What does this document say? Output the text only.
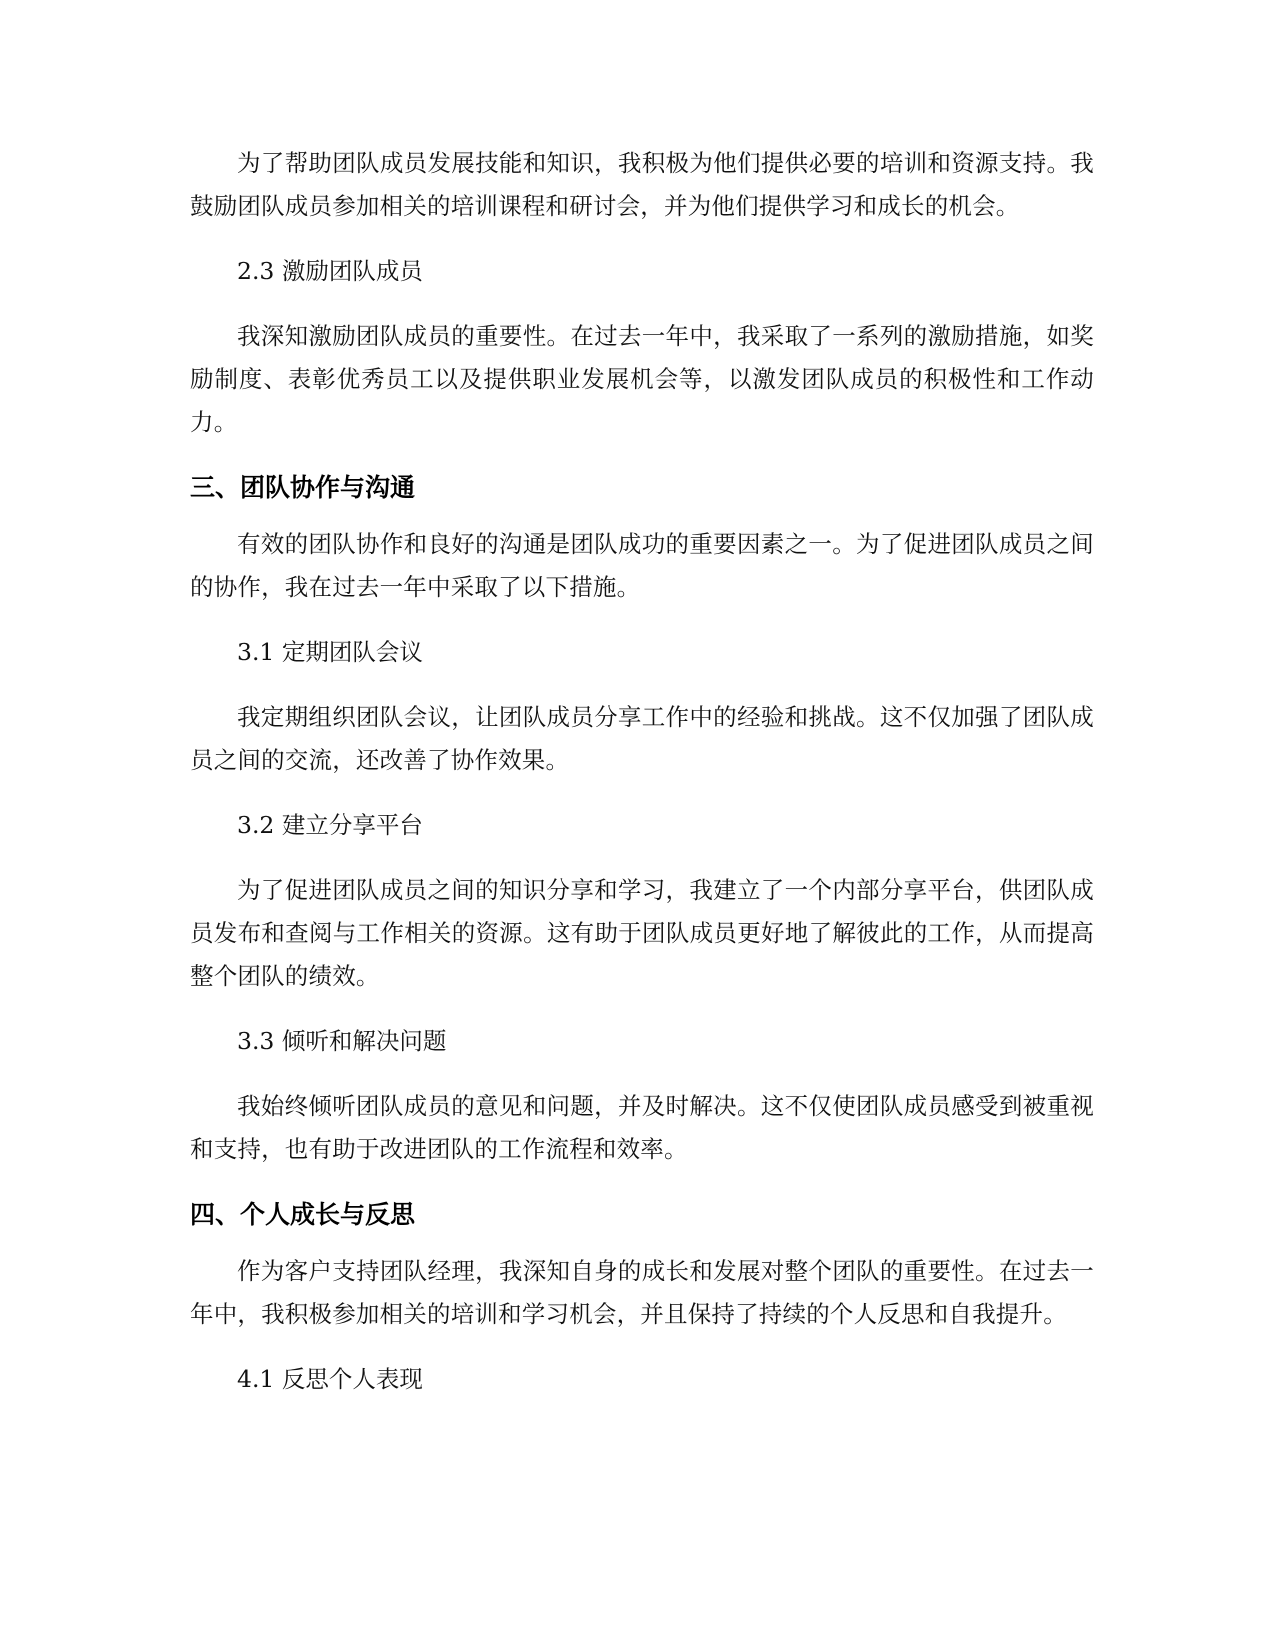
为了帮助团队成员发展技能和知识，我积极为他们提供必要的培训和资源支持。我鼓励团队成员参加相关的培训课程和研讨会，并为他们提供学习和成长的机会。

2.3 激励团队成员

我深知激励团队成员的重要性。在过去一年中，我采取了一系列的激励措施，如奖励制度、表彰优秀员工以及提供职业发展机会等，以激发团队成员的积极性和工作动力。

三、团队协作与沟通

有效的团队协作和良好的沟通是团队成功的重要因素之一。为了促进团队成员之间的协作，我在过去一年中采取了以下措施。

3.1 定期团队会议

我定期组织团队会议，让团队成员分享工作中的经验和挑战。这不仅加强了团队成员之间的交流，还改善了协作效果。

3.2 建立分享平台

为了促进团队成员之间的知识分享和学习，我建立了一个内部分享平台，供团队成员发布和查阅与工作相关的资源。这有助于团队成员更好地了解彼此的工作，从而提高整个团队的绩效。

3.3 倾听和解决问题

我始终倾听团队成员的意见和问题，并及时解决。这不仅使团队成员感受到被重视和支持，也有助于改进团队的工作流程和效率。

四、个人成长与反思

作为客户支持团队经理，我深知自身的成长和发展对整个团队的重要性。在过去一年中，我积极参加相关的培训和学习机会，并且保持了持续的个人反思和自我提升。

4.1 反思个人表现
